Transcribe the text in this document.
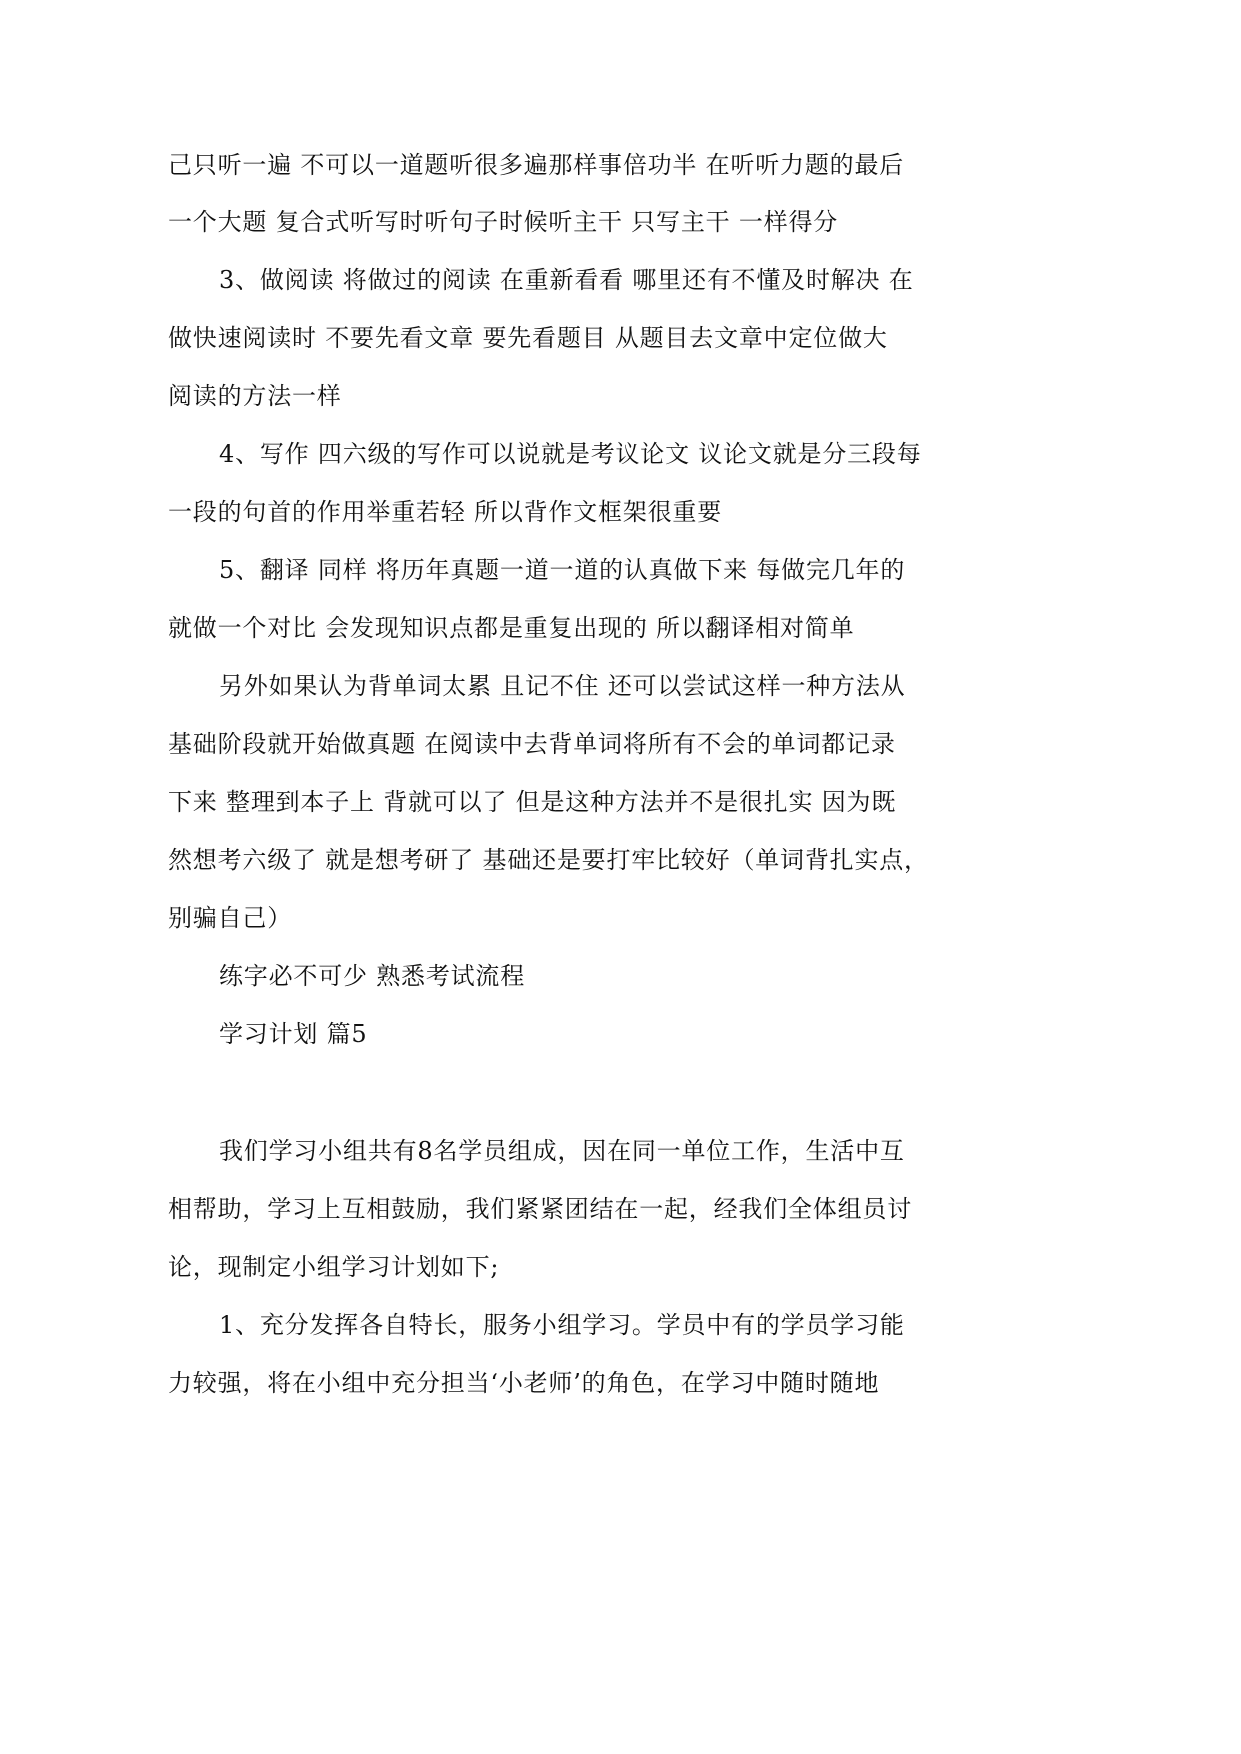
己只听一遍 不可以一道题听很多遍那样事倍功半 在听听力题的最后
一个大题 复合式听写时听句子时候听主干 只写主干 一样得分
3、做阅读 将做过的阅读 在重新看看 哪里还有不懂及时解决 在
做快速阅读时 不要先看文章 要先看题目 从题目去文章中定位做大
阅读的方法一样
4、写作 四六级的写作可以说就是考议论文 议论文就是分三段每
一段的句首的作用举重若轻 所以背作文框架很重要
5、翻译 同样 将历年真题一道一道的认真做下来 每做完几年的
就做一个对比 会发现知识点都是重复出现的 所以翻译相对简单
另外如果认为背单词太累 且记不住 还可以尝试这样一种方法从
基础阶段就开始做真题 在阅读中去背单词将所有不会的单词都记录
下来 整理到本子上 背就可以了 但是这种方法并不是很扎实 因为既
然想考六级了 就是想考研了 基础还是要打牢比较好（单词背扎实点，
别骗自己）
练字必不可少 熟悉考试流程
学习计划 篇5
我们学习小组共有8名学员组成，因在同一单位工作，生活中互
相帮助，学习上互相鼓励，我们紧紧团结在一起，经我们全体组员讨
论，现制定小组学习计划如下;
1、充分发挥各自特长，服务小组学习。学员中有的学员学习能
力较强，将在小组中充分担当‘小老师’的角色，在学习中随时随地
